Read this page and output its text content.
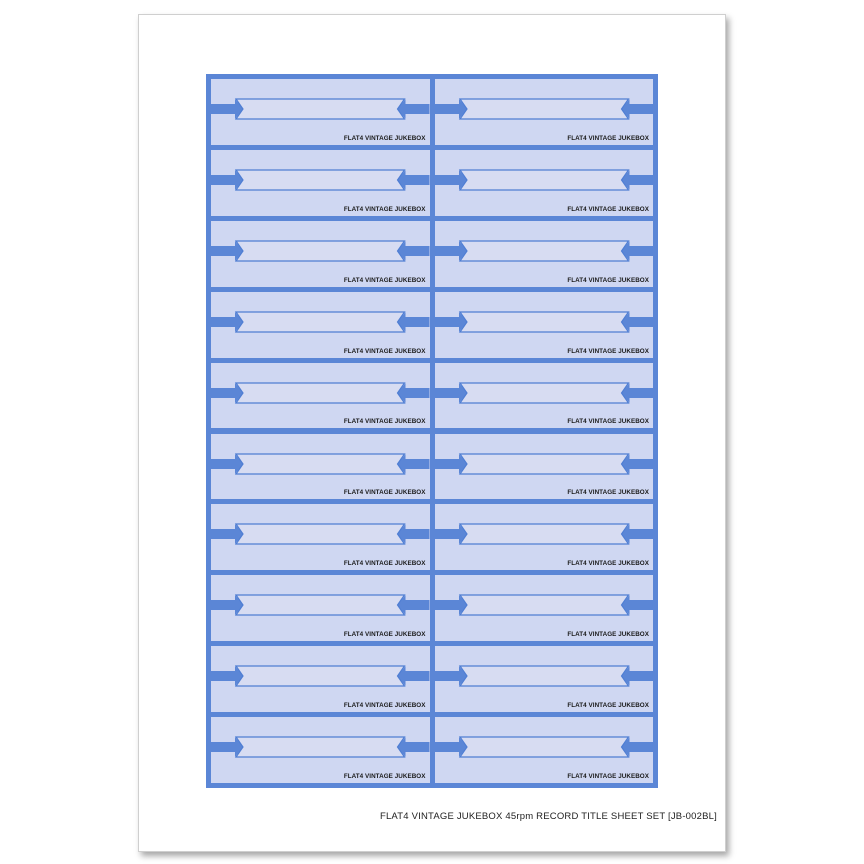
FLAT4 VINTAGE JUKEBOX	FLAT4 VINTAGE JUKEBOX
FLAT4 VINTAGE JUKEBOX	FLAT4 VINTAGE JUKEBOX
FLAT4 VINTAGE JUKEBOX	FLAT4 VINTAGE JUKEBOX
FLAT4 VINTAGE JUKEBOX	FLAT4 VINTAGE JUKEBOX
FLAT4 VINTAGE JUKEBOX	FLAT4 VINTAGE JUKEBOX
FLAT4 VINTAGE JUKEBOX	FLAT4 VINTAGE JUKEBOX
FLAT4 VINTAGE JUKEBOX	FLAT4 VINTAGE JUKEBOX
FLAT4 VINTAGE JUKEBOX	FLAT4 VINTAGE JUKEBOX
FLAT4 VINTAGE JUKEBOX	FLAT4 VINTAGE JUKEBOX
FLAT4 VINTAGE JUKEBOX	FLAT4 VINTAGE JUKEBOX
FLAT4 VINTAGE JUKEBOX 45rpm RECORD TITLE SHEET SET [JB-002BL]
